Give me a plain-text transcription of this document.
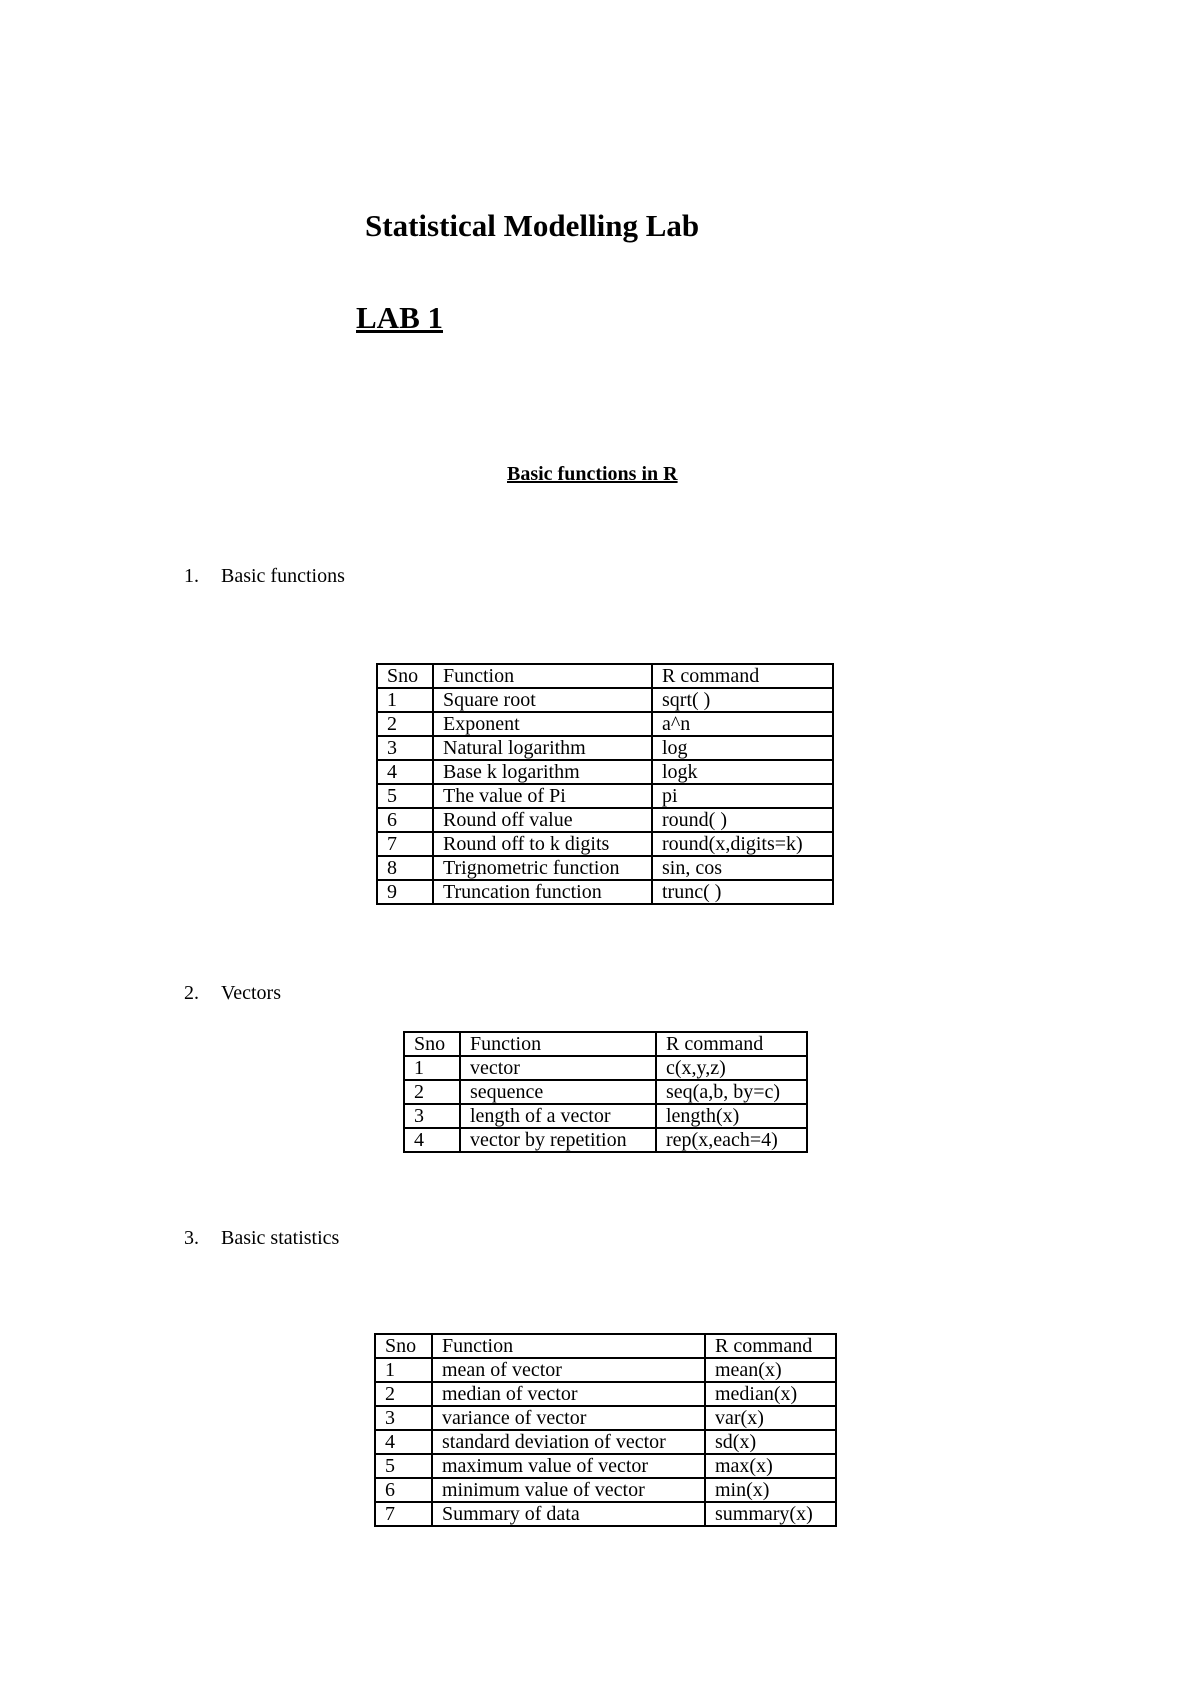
Statistical Modelling Lab
LAB 1
Basic functions in R
1. Basic functions
Sno	Function	R command
1	Square root	sqrt( )
2	Exponent	a^n
3	Natural logarithm	log
4	Base k logarithm	logk
5	The value of Pi	pi
6	Round off value	round( )
7	Round off to k digits	round(x,digits=k)
8	Trignometric function	sin, cos
9	Truncation function	trunc( )
2. Vectors
Sno	Function	R command
1	vector	c(x,y,z)
2	sequence	seq(a,b, by=c)
3	length of a vector	length(x)
4	vector by repetition	rep(x,each=4)
3. Basic statistics
Sno	Function	R command
1	mean of vector	mean(x)
2	median of vector	median(x)
3	variance of vector	var(x)
4	standard deviation of vector	sd(x)
5	maximum value of vector	max(x)
6	minimum value of vector	min(x)
7	Summary of data	summary(x)
